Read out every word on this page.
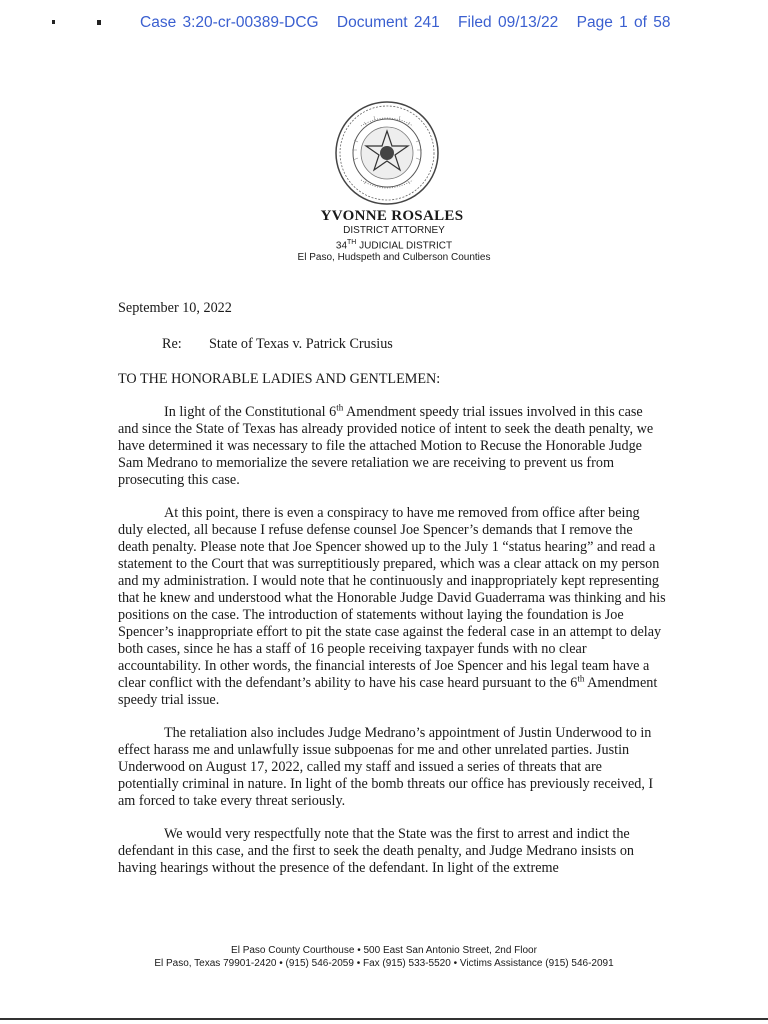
Case 3:20-cr-00389-DCG Document 241 Filed 09/13/22 Page 1 of 58
YVONNE ROSALES
DISTRICT ATTORNEY
34TH JUDICIAL DISTRICT
El Paso, Hudspeth and Culberson Counties

September 10, 2022

Re: State of Texas v. Patrick Crusius

TO THE HONORABLE LADIES AND GENTLEMEN:

In light of the Constitutional 6th Amendment speedy trial issues involved in this case and since the State of Texas has already provided notice of intent to seek the death penalty, we have determined it was necessary to file the attached Motion to Recuse the Honorable Judge Sam Medrano to memorialize the severe retaliation we are receiving to prevent us from prosecuting this case.

At this point, there is even a conspiracy to have me removed from office after being duly elected, all because I refuse defense counsel Joe Spencer’s demands that I remove the death penalty. Please note that Joe Spencer showed up to the July 1 “status hearing” and read a statement to the Court that was surreptitiously prepared, which was a clear attack on my person and my administration. I would note that he continuously and inappropriately kept representing that he knew and understood what the Honorable Judge David Guaderrama was thinking and his positions on the case. The introduction of statements without laying the foundation is Joe Spencer’s inappropriate effort to pit the state case against the federal case in an attempt to delay both cases, since he has a staff of 16 people receiving taxpayer funds with no clear accountability. In other words, the financial interests of Joe Spencer and his legal team have a clear conflict with the defendant’s ability to have his case heard pursuant to the 6th Amendment speedy trial issue.

The retaliation also includes Judge Medrano’s appointment of Justin Underwood to in effect harass me and unlawfully issue subpoenas for me and other unrelated parties. Justin Underwood on August 17, 2022, called my staff and issued a series of threats that are potentially criminal in nature. In light of the bomb threats our office has previously received, I am forced to take every threat seriously.

We would very respectfully note that the State was the first to arrest and indict the defendant in this case, and the first to seek the death penalty, and Judge Medrano insists on having hearings without the presence of the defendant. In light of the extreme

El Paso County Courthouse • 500 East San Antonio Street, 2nd Floor
El Paso, Texas 79901-2420 • (915) 546-2059 • Fax (915) 533-5520 • Victims Assistance (915) 546-2091
